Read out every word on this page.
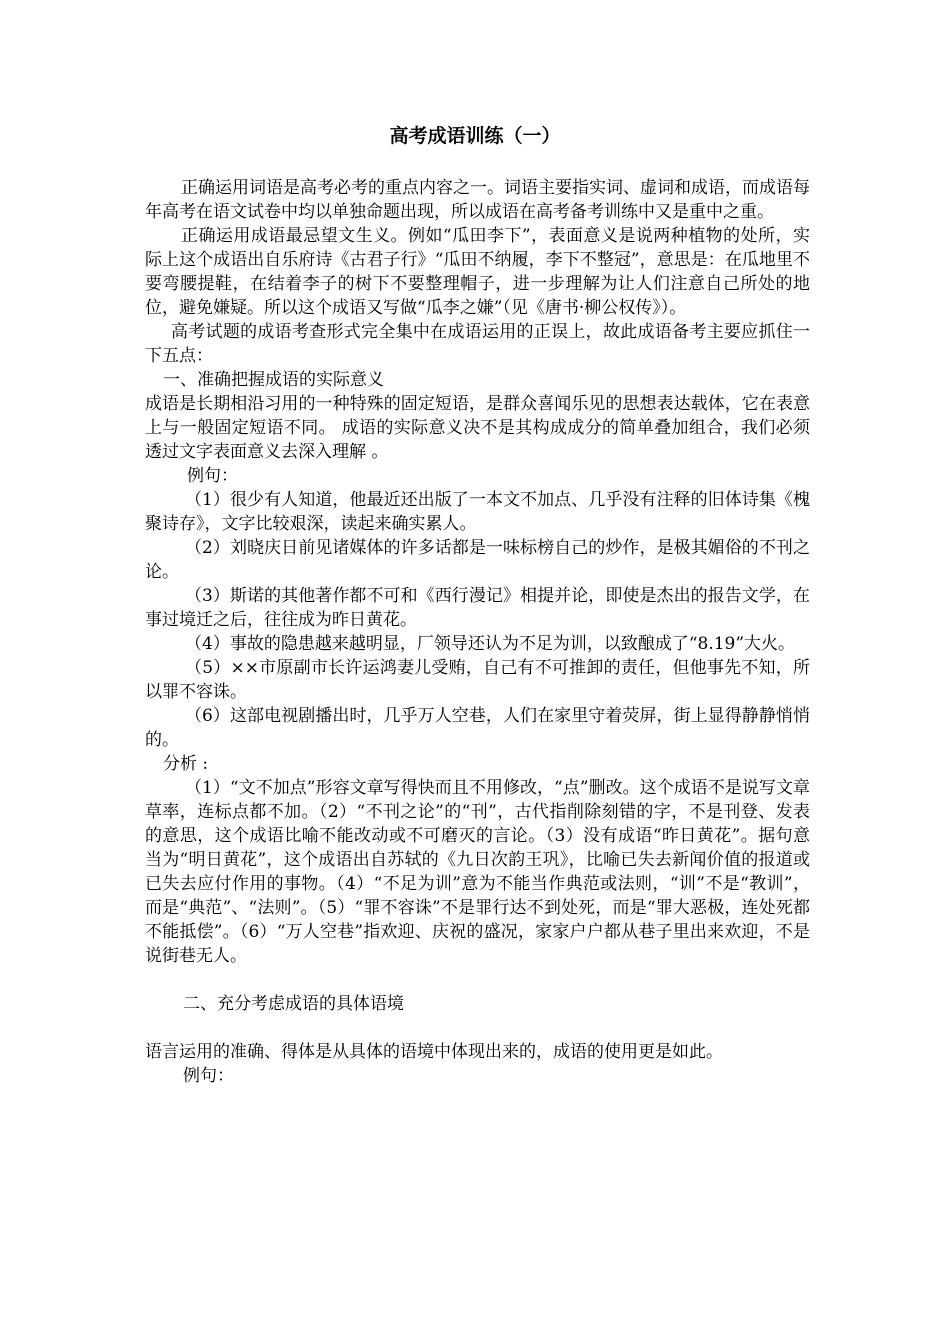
高考成语训练（一）

正确运用词语是高考必考的重点内容之一。词语主要指实词、虚词和成语，而成语每年高考在语文试卷中均以单独命题出现，所以成语在高考备考训练中又是重中之重。

正确运用成语最忌望文生义。例如“瓜田李下”，表面意义是说两种植物的处所，实际上这个成语出自乐府诗《古君子行》“瓜田不纳履，李下不整冠”，意思是：在瓜地里不要弯腰提鞋，在结着李子的树下不要整理帽子，进一步理解为让人们注意自己所处的地位，避免嫌疑。所以这个成语又写做“瓜李之嫌”（见《唐书·柳公权传》）。

高考试题的成语考查形式完全集中在成语运用的正误上，故此成语备考主要应抓住一下五点：

一、准确把握成语的实际意义

成语是长期相沿习用的一种特殊的固定短语，是群众喜闻乐见的思想表达载体，它在表意上与一般固定短语不同。 成语的实际意义决不是其构成成分的简单叠加组合，我们必须透过文字表面意义去深入理解 。

例句：

（1）很少有人知道，他最近还出版了一本文不加点、几乎没有注释的旧体诗集《槐聚诗存》，文字比较艰深，读起来确实累人。

（2）刘晓庆日前见诸媒体的许多话都是一味标榜自己的炒作，是极其媚俗的不刊之论。

（3）斯诺的其他著作都不可和《西行漫记》相提并论，即使是杰出的报告文学，在事过境迁之后，往往成为昨日黄花。

（4）事故的隐患越来越明显，厂领导还认为不足为训，以致酿成了“8.19”大火。

（5）××市原副市长许运鸿妻儿受贿，自己有不可推卸的责任，但他事先不知，所以罪不容诛。

（6）这部电视剧播出时，几乎万人空巷，人们在家里守着荧屏，街上显得静静悄悄的。

分析 :

（1）“文不加点”形容文章写得快而且不用修改，“点”删改。这个成语不是说写文章草率，连标点都不加。（2）“不刊之论”的“刊”，古代指削除刻错的字，不是刊登、发表的意思，这个成语比喻不能改动或不可磨灭的言论。（3）没有成语“昨日黄花”。据句意当为“明日黄花”，这个成语出自苏轼的《九日次韵王巩》，比喻已失去新闻价值的报道或已失去应付作用的事物。（4）“不足为训”意为不能当作典范或法则，“训”不是“教训”，而是“典范”、“法则”。（5）“罪不容诛”不是罪行达不到处死，而是“罪大恶极，连处死都不能抵偿”。（6）“万人空巷”指欢迎、庆祝的盛况，家家户户都从巷子里出来欢迎，不是说街巷无人。

二、充分考虑成语的具体语境

语言运用的准确、得体是从具体的语境中体现出来的，成语的使用更是如此。

例句：
